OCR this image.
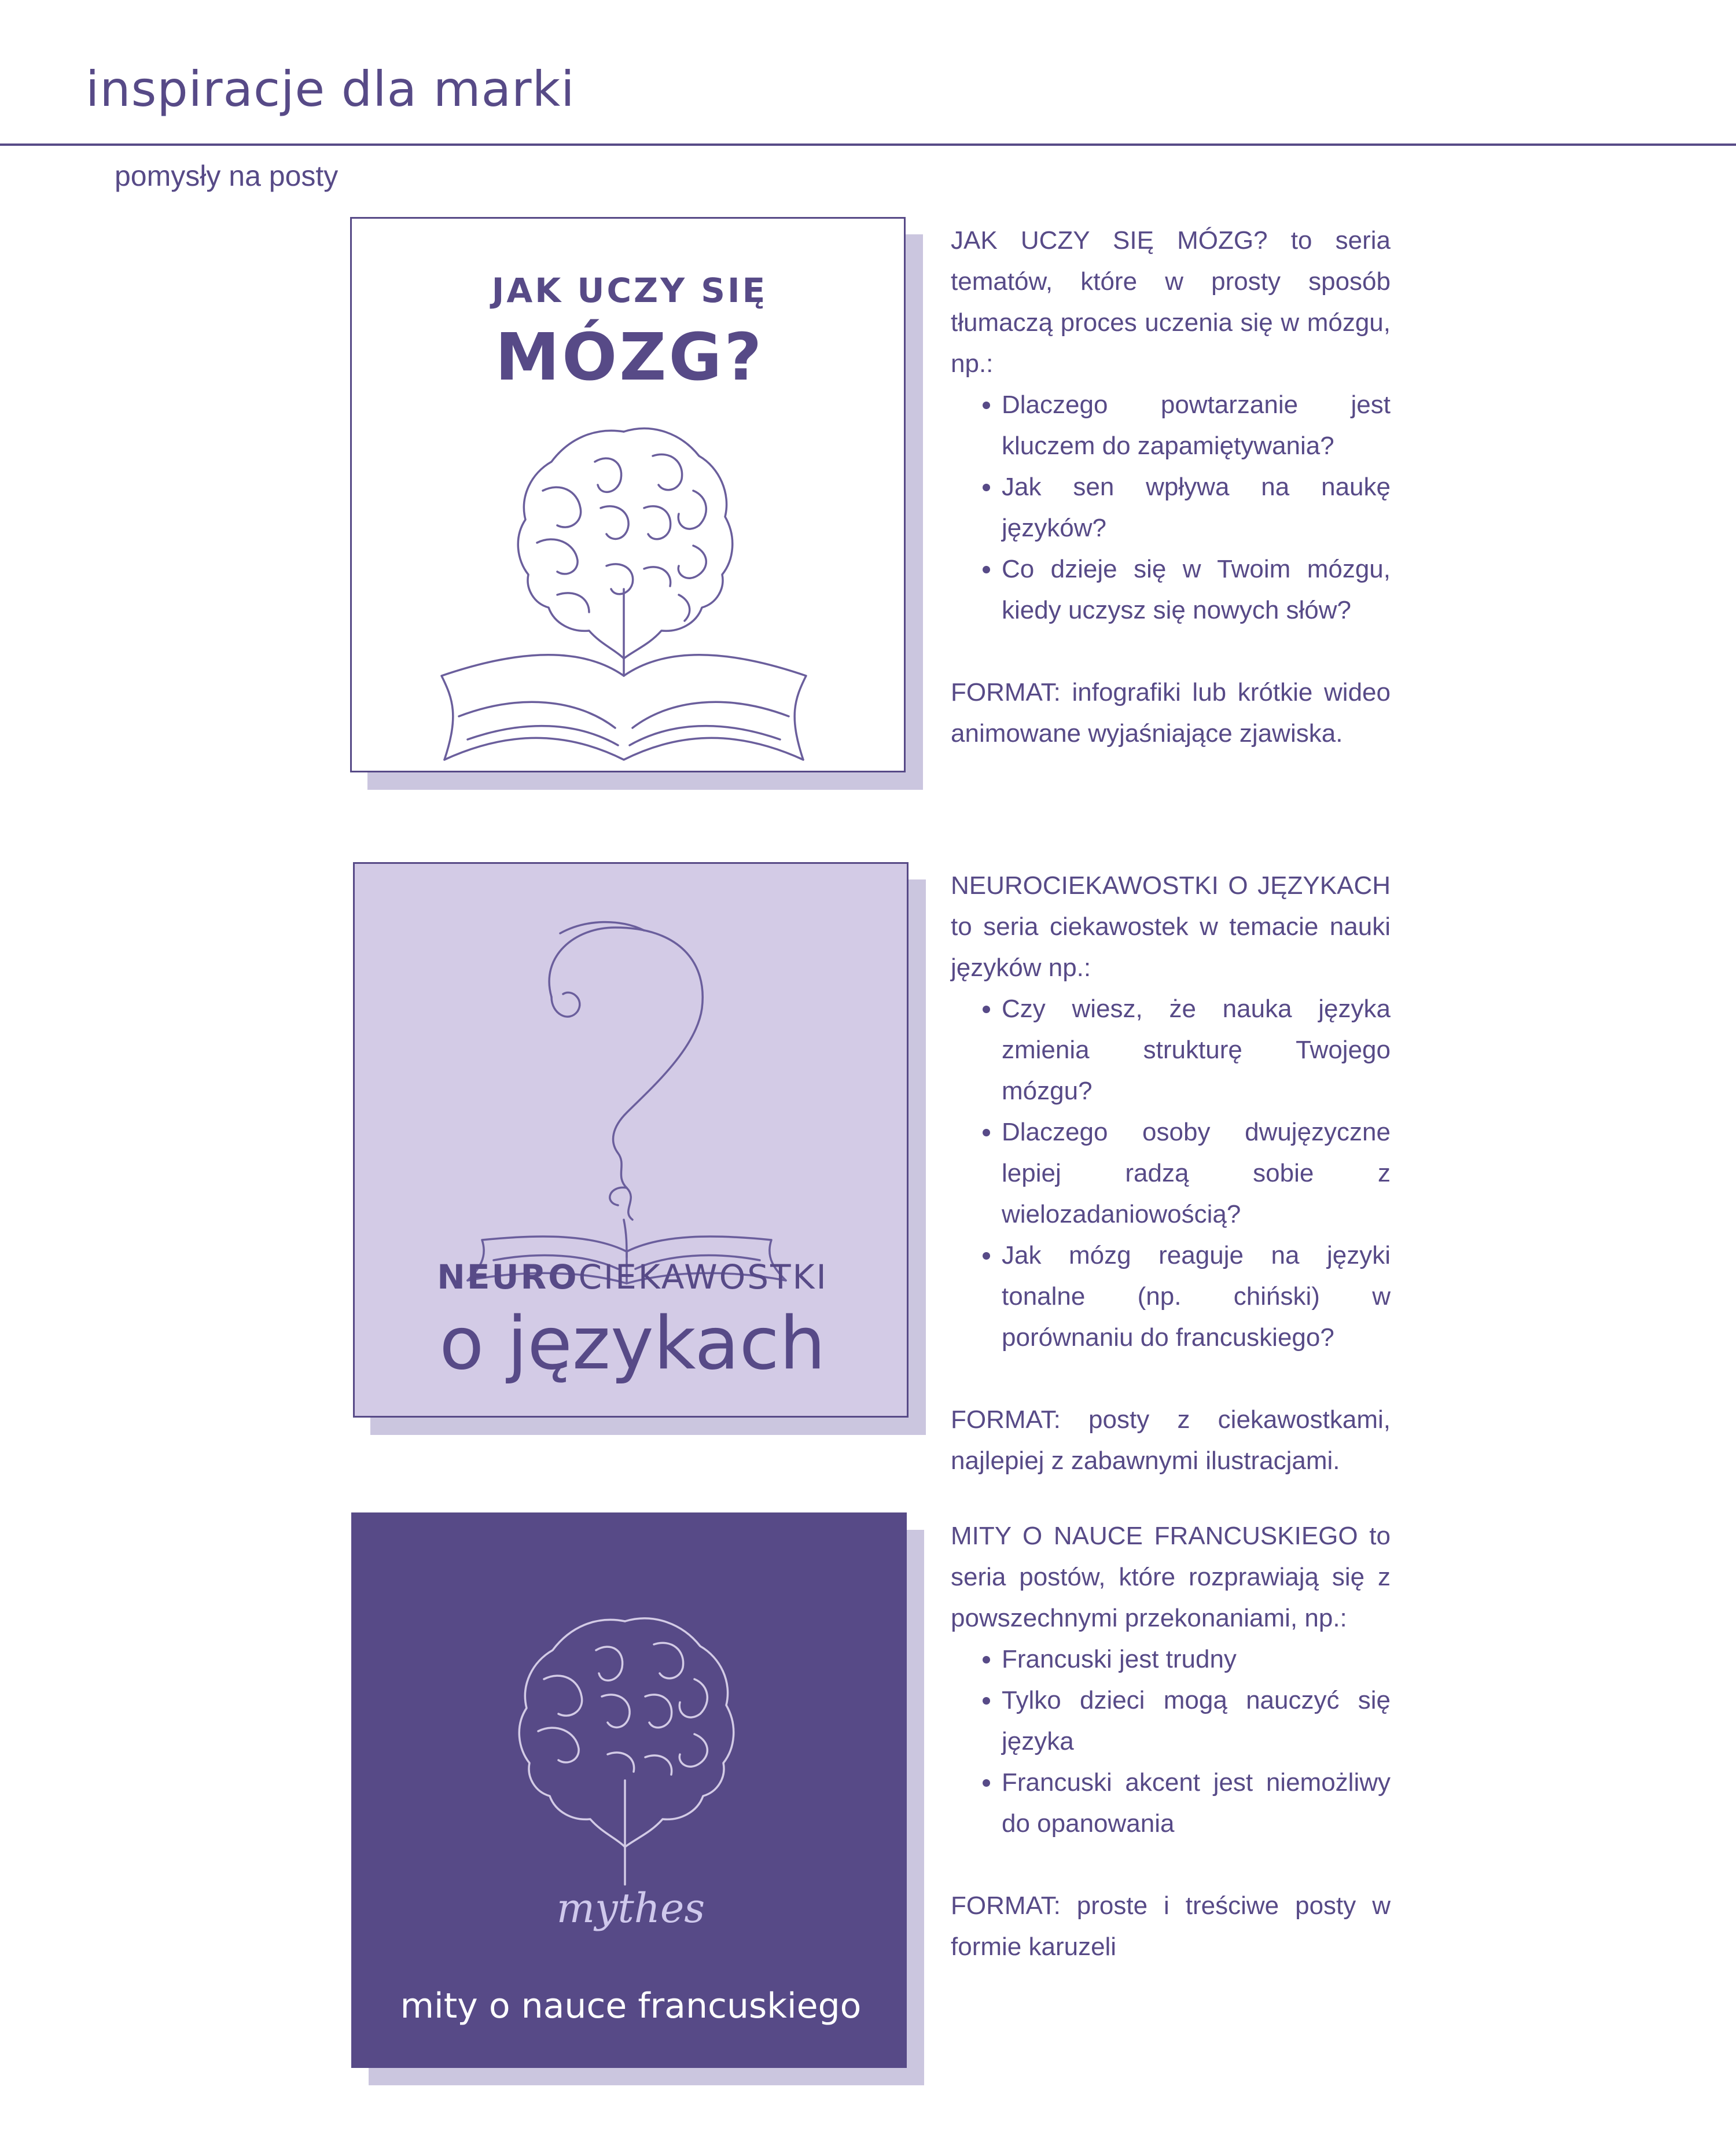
inspiracje dla marki
pomysły na posty
JAK UCZY SIĘ
MÓZG?

JAK UCZY SIĘ MÓZG? to seria tematów, które w prosty sposób tłumaczą proces uczenia się w mózgu, np.:

• Dlaczego powtarzanie jest kluczem do zapamiętywania?
• Jak sen wpływa na naukę języków?
• Co dzieje się w Twoim mózgu, kiedy uczysz się nowych słów?

FORMAT: infografiki lub krótkie wideo animowane wyjaśniające zjawiska.

NEUROCIEKAWOSTKI
o językach

NEUROCIEKAWOSTKI O JĘZYKACH to seria ciekawostek w temacie nauki języków np.:

• Czy wiesz, że nauka języka zmienia strukturę Twojego mózgu?
• Dlaczego osoby dwujęzyczne lepiej radzą sobie z wielozadaniowością?
• Jak mózg reaguje na języki tonalne (np. chiński) w porównaniu do francuskiego?

FORMAT: posty z ciekawostkami, najlepiej z zabawnymi ilustracjami.

mythes
mity o nauce francuskiego

MITY O NAUCE FRANCUSKIEGO to seria postów, które rozprawiają się z powszechnymi przekonaniami, np.:

• Francuski jest trudny
• Tylko dzieci mogą nauczyć się języka
• Francuski akcent jest niemożliwy do opanowania

FORMAT: proste i treściwe posty w formie karuzeli
